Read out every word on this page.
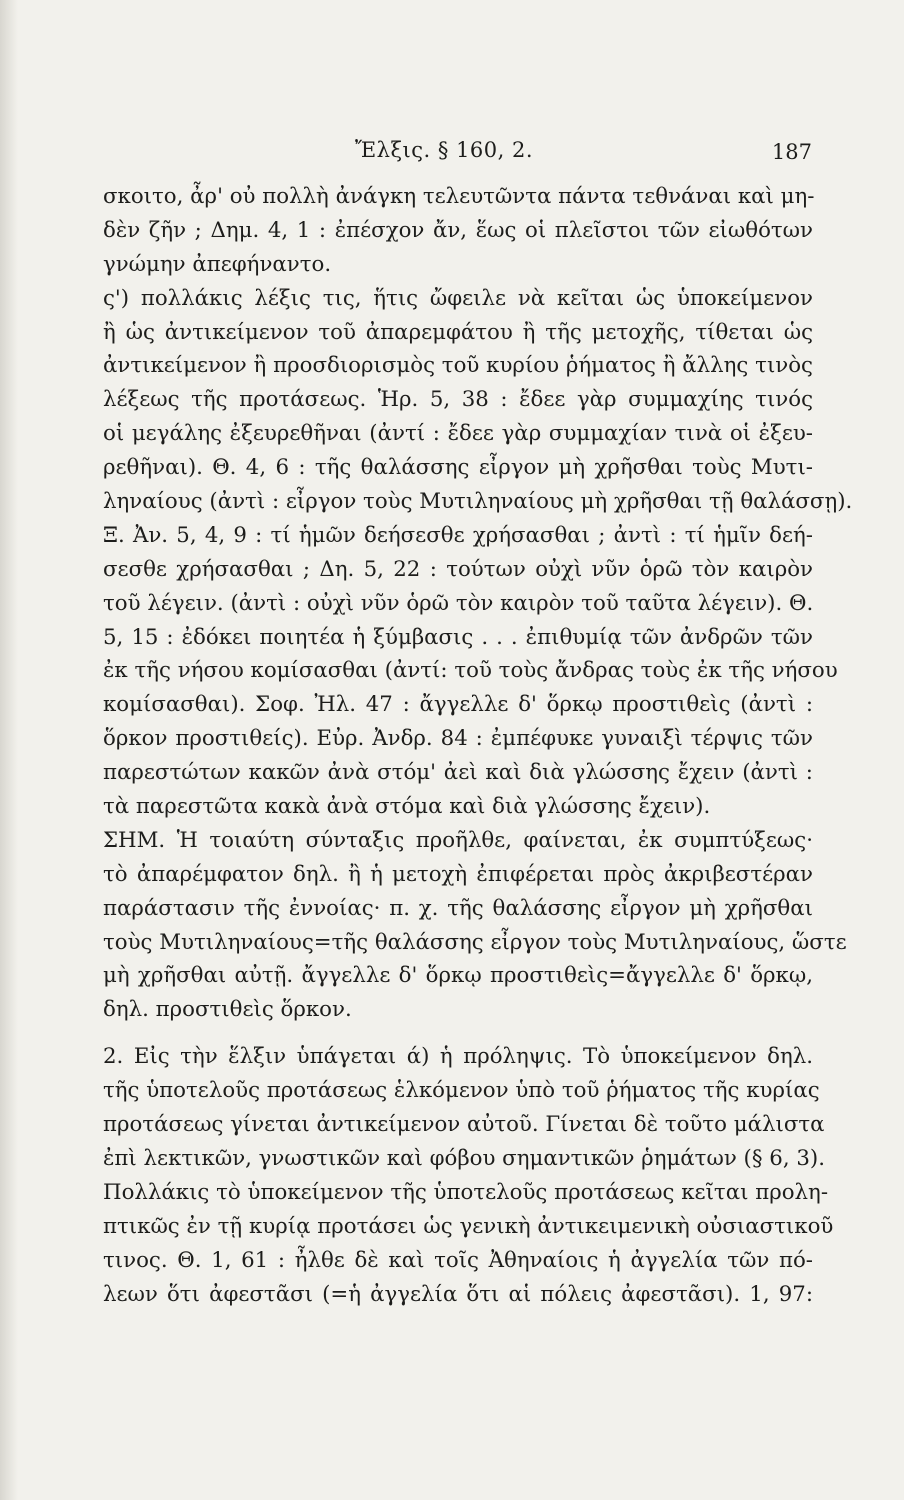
Ἔλξις. § 160, 2.	187
σκοιτο, ἆρ' οὐ πολλὴ ἀνάγκη τελευτῶντα πάντα τεθνάναι καὶ μη-
δὲν ζῆν ; Δημ. 4, 1 : ἐπέσχον ἄν, ἕως οἱ πλεῖστοι τῶν εἰωθότων
γνώμην ἀπεφήναντο.
ς') πολλάκις λέξις τις, ἥτις ὤφειλε νὰ κεῖται ὡς ὑποκείμενον
ἢ ὡς ἀντικείμενον τοῦ ἀπαρεμφάτου ἢ τῆς μετοχῆς, τίθεται ὡς
ἀντικείμενον ἢ προσδιορισμὸς τοῦ κυρίου ῥήματος ἢ ἄλλης τινὸς
λέξεως τῆς προτάσεως. Ἡρ. 5, 38 : ἔδεε γὰρ συμμαχίης τινός
οἱ μεγάλης ἐξευρεθῆναι (ἀντί : ἔδεε γὰρ συμμαχίαν τινὰ οἱ ἐξευ-
ρεθῆναι). Θ. 4, 6 : τῆς θαλάσσης εἶργον μὴ χρῆσθαι τοὺς Μυτι-
ληναίους (ἀντὶ : εἶργον τοὺς Μυτιληναίους μὴ χρῆσθαι τῇ θαλάσσῃ).
Ξ. Ἀν. 5, 4, 9 : τί ἡμῶν δεήσεσθε χρήσασθαι ; ἀντὶ : τί ἡμῖν δεή-
σεσθε χρήσασθαι ; Δη. 5, 22 : τούτων οὐχὶ νῦν ὁρῶ τὸν καιρὸν
τοῦ λέγειν. (ἀντὶ : οὐχὶ νῦν ὁρῶ τὸν καιρὸν τοῦ ταῦτα λέγειν). Θ.
5, 15 : ἐδόκει ποιητέα ἡ ξύμβασις . . . ἐπιθυμίᾳ τῶν ἀνδρῶν τῶν
ἐκ τῆς νήσου κομίσασθαι (ἀντί: τοῦ τοὺς ἄνδρας τοὺς ἐκ τῆς νήσου
κομίσασθαι). Σοφ. Ἠλ. 47 : ἄγγελλε δ' ὅρκῳ προστιθεὶς (ἀντὶ :
ὅρκον προστιθείς). Εὐρ. Ἀνδρ. 84 : ἐμπέφυκε γυναιξὶ τέρψις τῶν
παρεστώτων κακῶν ἀνὰ στόμ' ἀεὶ καὶ διὰ γλώσσης ἔχειν (ἀντὶ :
τὰ παρεστῶτα κακὰ ἀνὰ στόμα καὶ διὰ γλώσσης ἔχειν).
ΣΗΜ. Ἡ τοιαύτη σύνταξις προῆλθε, φαίνεται, ἐκ συμπτύξεως·
τὸ ἀπαρέμφατον δηλ. ἢ ἡ μετοχὴ ἐπιφέρεται πρὸς ἀκριβεστέραν
παράστασιν τῆς ἐννοίας· π. χ. τῆς θαλάσσης εἶργον μὴ χρῆσθαι
τοὺς Μυτιληναίους=τῆς θαλάσσης εἶργον τοὺς Μυτιληναίους, ὥστε
μὴ χρῆσθαι αὐτῇ. ἄγγελλε δ' ὅρκῳ προστιθεὶς=ἄγγελλε δ' ὅρκῳ,
δηλ. προστιθεὶς ὅρκον.
2. Εἰς τὴν ἕλξιν ὑπάγεται ά) ἡ πρόληψις. Τὸ ὑποκείμενον δηλ.
τῆς ὑποτελοῦς προτάσεως ἑλκόμενον ὑπὸ τοῦ ῥήματος τῆς κυρίας
προτάσεως γίνεται ἀντικείμενον αὐτοῦ. Γίνεται δὲ τοῦτο μάλιστα
ἐπὶ λεκτικῶν, γνωστικῶν καὶ φόβου σημαντικῶν ῥημάτων (§ 6, 3).
Πολλάκις τὸ ὑποκείμενον τῆς ὑποτελοῦς προτάσεως κεῖται προλη-
πτικῶς ἐν τῇ κυρίᾳ προτάσει ὡς γενικὴ ἀντικειμενικὴ οὐσιαστικοῦ
τινος. Θ. 1, 61 : ἦλθε δὲ καὶ τοῖς Ἀθηναίοις ἡ ἀγγελία τῶν πό-
λεων ὅτι ἀφεστᾶσι (=ἡ ἀγγελία ὅτι αἱ πόλεις ἀφεστᾶσι). 1, 97:
